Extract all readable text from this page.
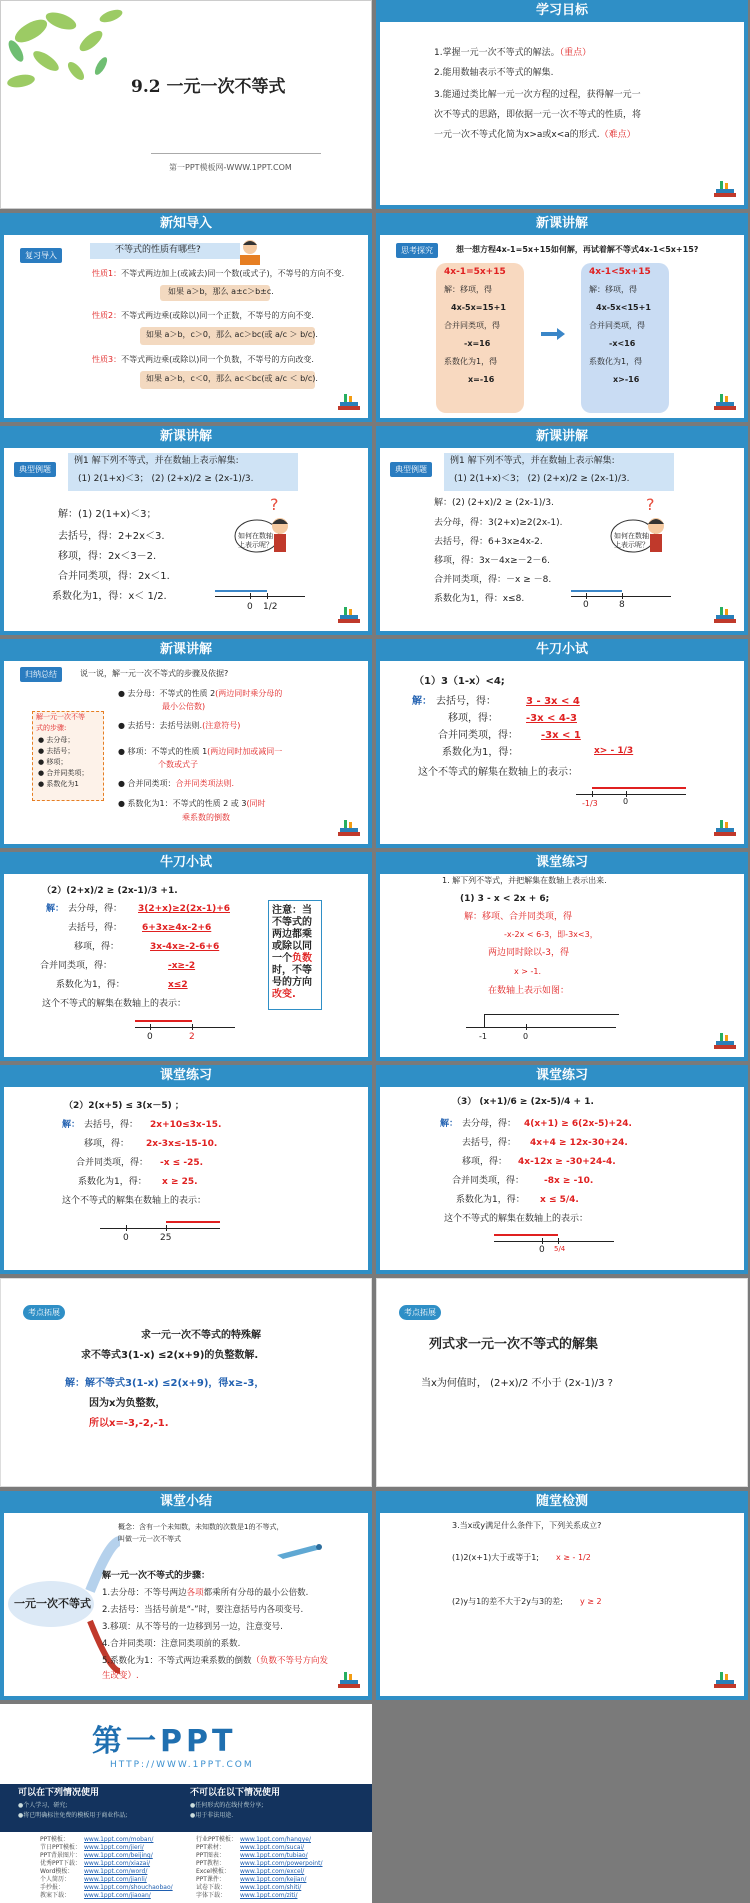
9.2 一元一次不等式
第一PPT模板网-WWW.1PPT.COM
学习目标
1.掌握一元一次不等式的解法。（重点）
2.能用数轴表示不等式的解集.
3.能通过类比解一元一次方程的过程，获得解一元一
次不等式的思路，即依据一元一次不等式的性质，将
一元一次不等式化简为x>a或x<a的形式.（难点）
新知导入
复习导入
不等式的性质有哪些?
性质1：不等式两边加上(或减去)同一个数(或式子)，不等号的方向不变.
如果 a＞b，那么 a±c＞b±c.
性质2：不等式两边乘(或除以)同一个正数，不等号的方向不变.
如果 a＞b，c＞0，那么 ac＞bc(或 a/c ＞ b/c).
性质3：不等式两边乘(或除以)同一个负数，不等号的方向改变.
如果 a＞b，c＜0，那么 ac＜bc(或 a/c ＜ b/c).
新课讲解
思考探究	想一想方程4x-1=5x+15如何解，再试着解不等式4x-1<5x+15?
4x-1=5x+15
解：移项，得
4x-5x=15+1
合并同类项，得
-x=16
系数化为1，得
x=-16
4x-1<5x+15
解：移项，得
4x-5x<15+1
合并同类项，得
-x<16
系数化为1，得
x>-16
新课讲解
典型例题
例1 解下列不等式，并在数轴上表示解集:
(1) 2(1+x)＜3； (2) (2+x)/2 ≥ (2x-1)/3.
解：(1) 2(1+x)＜3；
去括号，得：2+2x＜3.
移项，得：2x＜3－2.
合并同类项，得：2x＜1.
系数化为1，得：x＜ 1/2.
?
如何在数轴上表示呢？
0 1/2
新课讲解
典型例题
例1 解下列不等式，并在数轴上表示解集:
(1) 2(1+x)＜3； (2) (2+x)/2 ≥ (2x-1)/3.
解：(2) (2+x)/2 ≥ (2x-1)/3.
去分母，得：3(2+x)≥2(2x-1).
去括号，得：6+3x≥4x-2.
移项，得：3x－4x≥－2－6.
合并同类项，得：－x ≥ －8.
系数化为1，得：x≤8.
?
如何在数轴上表示呢？
0	8
新课讲解
归纳总结	说一说，解一元一次不等式的步骤及依据?
解一元一次不等
式的步骤:
● 去分母；
● 去括号；
● 移项；
● 合并同类项；
● 系数化为1
● 去分母：不等式的性质 2(两边同时乘分母的
最小公倍数)
● 去括号：去括号法则.(注意符号)
● 移项：不等式的性质 1(两边同时加或减同一
个数或式子
● 合并同类项：合并同类项法则.
● 系数化为1：不等式的性质 2 或 3(同时
乘系数的倒数
牛刀小试
（1）3（1-x）<4;
解： 去括号，得：	3 - 3x < 4
移项，得：	-3x < 4-3
合并同类项，得： -3x < 1
系数化为1，得：	x> - 1/3
这个不等式的解集在数轴上的表示：
-1/3	0
牛刀小试
（2）(2+x)/2 ≥ (2x-1)/3 +1.
解： 去分母，得： 3(2+x)≥2(2x-1)+6
去括号，得： 6+3x≥4x-2+6
移项，得：	3x-4x≥-2-6+6
合并同类项，得：	-x≥-2
系数化为1，得：	x≤2
这个不等式的解集在数轴上的表示：
注意：当
不等式的
两边都乘
或除以同
一个负数
时，不等
号的方向
改变.
0	2
课堂练习
1. 解下列不等式，并把解集在数轴上表示出来.
(1) 3 - x < 2x + 6;
解：移项、合并同类项，得
-x-2x < 6-3，即-3x<3，
两边同时除以-3，得
x > -1.
在数轴上表示如图：
-1	0
课堂练习
（2）2(x+5) ≤ 3(x－5) ；
解： 去括号，得： 2x+10≤3x-15.
移项，得： 2x-3x≤-15-10.
合并同类项，得： -x ≤ -25.
系数化为1，得： x ≥ 25.
这个不等式的解集在数轴上的表示：
0	25
课堂练习
（3） (x+1)/6 ≥ (2x-5)/4 + 1.
解： 去分母，得： 4(x+1) ≥ 6(2x-5)+24.
去括号，得： 4x+4 ≥ 12x-30+24.
移项，得： 4x-12x ≥ -30+24-4.
合并同类项，得： -8x ≥ -10.
系数化为1，得： x ≤ 5/4.
这个不等式的解集在数轴上的表示：
0 5/4
考点拓展
求一元一次不等式的特殊解
求不等式3(1-x) ≤2(x+9)的负整数解.
解：解不等式3(1-x) ≤2(x+9)，得x≥-3，
因为x为负整数，
所以x=-3,-2,-1.
考点拓展
列式求一元一次不等式的解集
当x为何值时， (2+x)/2 不小于 (2x-1)/3 ?
课堂小结
一元一次不等式
概念：含有一个未知数，未知数的次数是1的不等式，
叫做一元一次不等式
解一元一次不等式的步骤：
1.去分母：不等号两边各项都乘所有分母的最小公倍数.
2.去括号：当括号前是“-”时，要注意括号内各项变号.
3.移项：从不等号的一边移到另一边，注意变号.
4.合并同类项：注意同类项前的系数.
5.系数化为1：不等式两边乘系数的倒数（负数不等号方向发
生改变）.
随堂检测
3.当x或y满足什么条件下，下列关系成立?
(1)2(x+1)大于或等于1; x ≥ - 1/2
(2)y与1的差不大于2y与3的差; y ≥ 2
第一PPT
HTTP://WWW.1PPT.COM
可以在下列情况使用
●个人学习、研究;
●将已明确标注免费的模板用于商业作品;
不可以在以下情况使用
●任何形式的在线付费分享;
●用于非法用途.
PPT模板：	www.1ppt.com/moban/
节日PPT模板： www.1ppt.com/jieri/
PPT背景图片： www.1ppt.com/beijing/
优秀PPT下载： www.1ppt.com/xiazai/
Word模板： www.1ppt.com/word/
个人简历： www.1ppt.com/jianli/
手抄报：	www.1ppt.com/shouchaobao/
教案下载： www.1ppt.com/jiaoan/
行业PPT模板： www.1ppt.com/hangye/
PPT素材：	www.1ppt.com/sucai/
PPT图表：	www.1ppt.com/tubiao/
PPT教程：	www.1ppt.com/powerpoint/
Excel模板： www.1ppt.com/excel/
PPT课件：	www.1ppt.com/kejian/
试卷下载： www.1ppt.com/shiti/
字体下载： www.1ppt.com/ziti/
